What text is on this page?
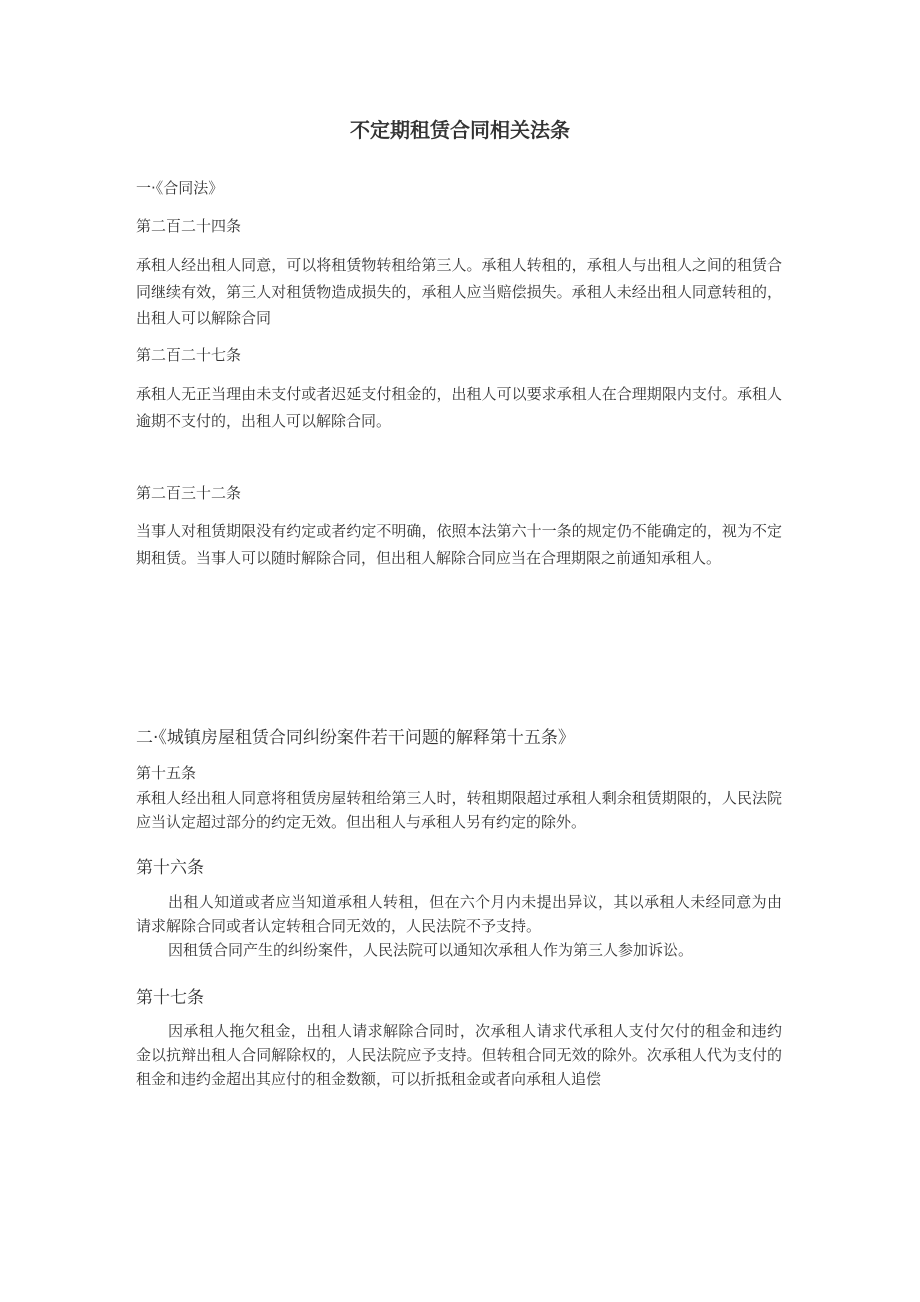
不定期租赁合同相关法条
一·《合同法》
第二百二十四条
承租人经出租人同意，可以将租赁物转租给第三人。承租人转租的，承租人与出租人之间的租赁合同继续有效，第三人对租赁物造成损失的，承租人应当赔偿损失。承租人未经出租人同意转租的，出租人可以解除合同
第二百二十七条
承租人无正当理由未支付或者迟延支付租金的，出租人可以要求承租人在合理期限内支付。承租人逾期不支付的，出租人可以解除合同。
第二百三十二条
当事人对租赁期限没有约定或者约定不明确，依照本法第六十一条的规定仍不能确定的，视为不定期租赁。当事人可以随时解除合同，但出租人解除合同应当在合理期限之前通知承租人。
二·《城镇房屋租赁合同纠纷案件若干问题的解释第十五条》
第十五条
承租人经出租人同意将租赁房屋转租给第三人时，转租期限超过承租人剩余租赁期限的，人民法院应当认定超过部分的约定无效。但出租人与承租人另有约定的除外。
第十六条
出租人知道或者应当知道承租人转租，但在六个月内未提出异议，其以承租人未经同意为由请求解除合同或者认定转租合同无效的，人民法院不予支持。
因租赁合同产生的纠纷案件，人民法院可以通知次承租人作为第三人参加诉讼。
第十七条
因承租人拖欠租金，出租人请求解除合同时，次承租人请求代承租人支付欠付的租金和违约金以抗辩出租人合同解除权的，人民法院应予支持。但转租合同无效的除外。次承租人代为支付的租金和违约金超出其应付的租金数额，可以折抵租金或者向承租人追偿
